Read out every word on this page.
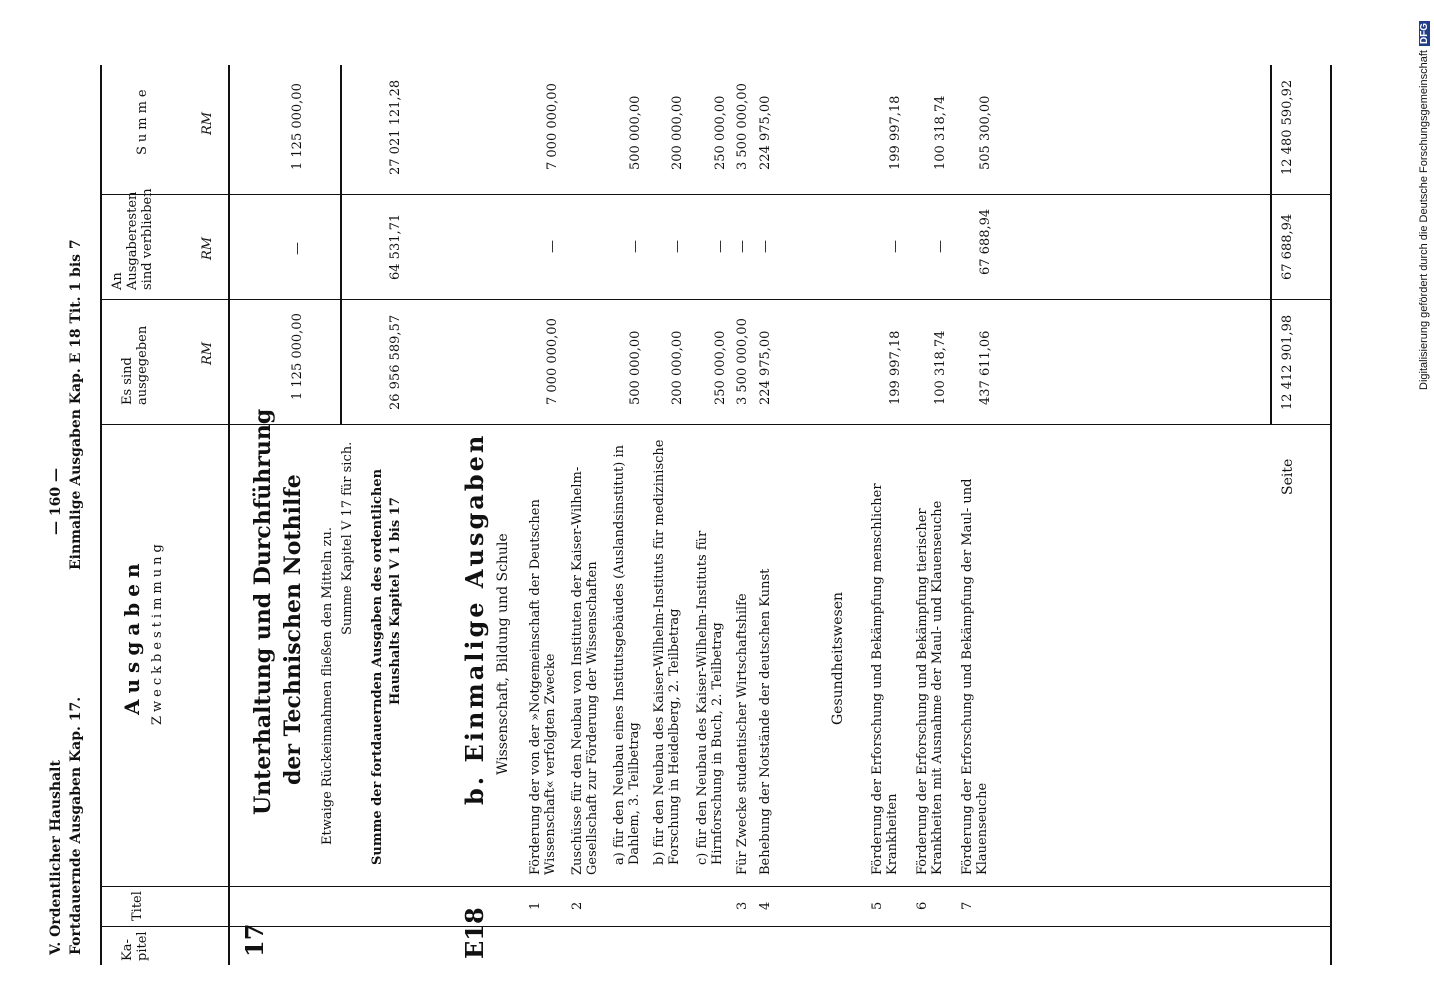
V. Ordentlicher Haushalt Fortdauernde Ausgaben Kap. 17.
— 160 — Einmalige Ausgaben Kap. E 18 Tit. 1 bis 7
Ka-
pitel
Titel
Ausgaben Zweckbestimmung
Es sind
ausgegeben
An
Ausgaberesten
sind verblieben
Summe
RM
RM
RM
17
Unterhaltung und Durchführung der Technischen Nothilfe Etwaige Rückeinnahmen fließen den Mitteln zu. Summe Kapitel V 17 für sich.
1 125 000,00
—
1 125 000,00
Summe der fortdauernden Ausgaben des ordentlichen Haushalts Kapitel V 1 bis 17
26 956 589,57
64 531,71
27 021 121,28
E18
b. Einmalige Ausgaben Wissenschaft, Bildung und Schule
1
Förderung der von der »Notgemeinschaft der Deutschen Wissenschaft« verfolgten Zwecke
7 000 000,00
—
7 000 000,00
2
Zuschüsse für den Neubau von Instituten der Kaiser-Wilhelm-Gesellschaft zur Förderung der Wissenschaften a) für den Neubau eines Institutsgebäudes (Auslandsinstitut) in Dahlem, 3. Teilbetrag
500 000,00
—
500 000,00
b) für den Neubau des Kaiser-Wilhelm-Instituts für medizinische Forschung in Heidelberg, 2. Teilbetrag
200 000,00
—
200 000,00
c) für den Neubau des Kaiser-Wilhelm-Instituts für Hirnforschung in Buch, 2. Teilbetrag
250 000,00
—
250 000,00
3
Für Zwecke studentischer Wirtschaftshilfe
3 500 000,00
—
3 500 000,00
4
Behebung der Notstände der deutschen Kunst
224 975,00
—
224 975,00
Gesundheitswesen
5
Förderung der Erforschung und Bekämpfung menschlicher Krankheiten
199 997,18
—
199 997,18
6
Förderung der Erforschung und Bekämpfung tierischer Krankheiten mit Ausnahme der Maul- und Klauenseuche
100 318,74
—
100 318,74
7
Förderung der Erforschung und Bekämpfung der Maul- und Klauenseuche
437 611,06
67 688,94
505 300,00
Seite
12 412 901,98
67 688,94
12 480 590,92	Digitalisierung gefördert durch die Deutsche ForschungsgemeinschaftDFG
